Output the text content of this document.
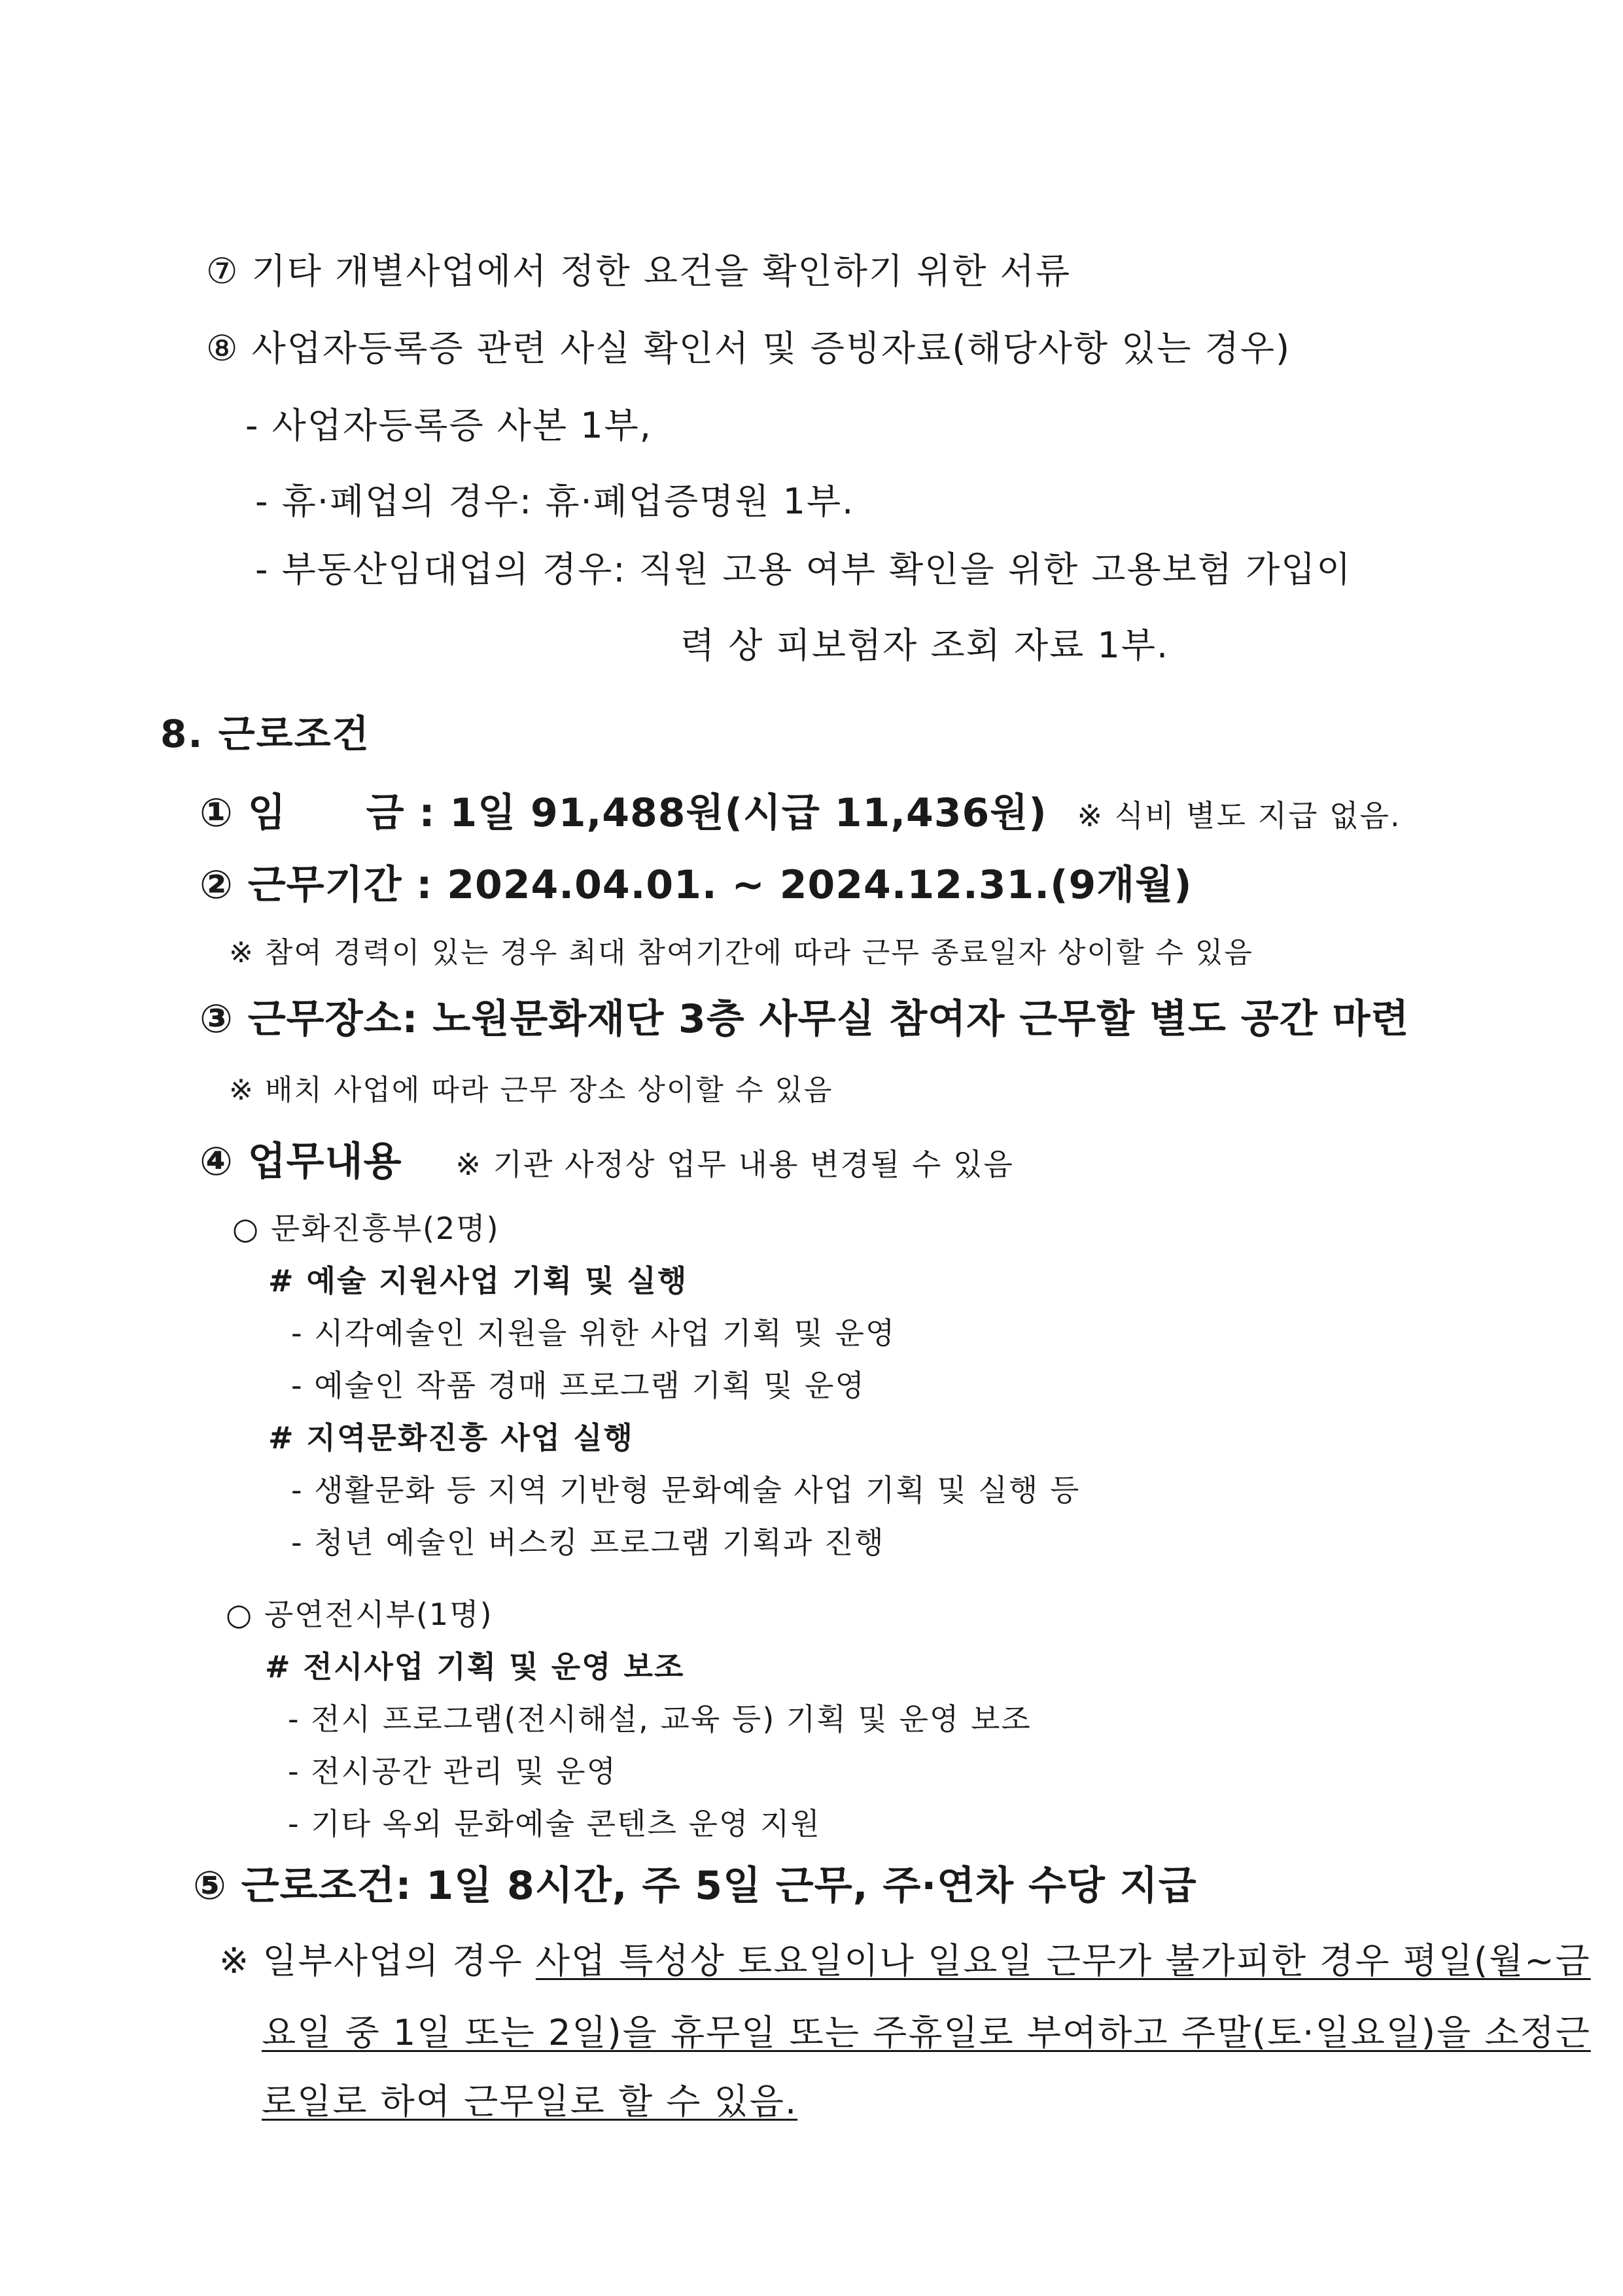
⑦ 기타 개별사업에서 정한 요건을 확인하기 위한 서류
⑧ 사업자등록증 관련 사실 확인서 및 증빙자료(해당사항 있는 경우)
- 사업자등록증 사본 1부,
- 휴·폐업의 경우: 휴·폐업증명원 1부.
- 부동산임대업의 경우: 직원 고용 여부 확인을 위한 고용보험 가입이
력 상 피보험자 조회 자료 1부.
8. 근로조건
① 임　　금 : 1일 91,488원(시급 11,436원) ※ 식비 별도 지급 없음.
② 근무기간 : 2024.04.01. ~ 2024.12.31.(9개월)
※ 참여 경력이 있는 경우 최대 참여기간에 따라 근무 종료일자 상이할 수 있음
③ 근무장소: 노원문화재단 3층 사무실 참여자 근무할 별도 공간 마련
※ 배치 사업에 따라 근무 장소 상이할 수 있음
④ 업무내용 ※ 기관 사정상 업무 내용 변경될 수 있음
○ 문화진흥부(2명)
# 예술 지원사업 기획 및 실행
- 시각예술인 지원을 위한 사업 기획 및 운영
- 예술인 작품 경매 프로그램 기획 및 운영
# 지역문화진흥 사업 실행
- 생활문화 등 지역 기반형 문화예술 사업 기획 및 실행 등
- 청년 예술인 버스킹 프로그램 기획과 진행
○ 공연전시부(1명)
# 전시사업 기획 및 운영 보조
- 전시 프로그램(전시해설, 교육 등) 기획 및 운영 보조
- 전시공간 관리 및 운영
- 기타 옥외 문화예술 콘텐츠 운영 지원
⑤ 근로조건: 1일 8시간, 주 5일 근무, 주·연차 수당 지급
※ 일부사업의 경우 사업 특성상 토요일이나 일요일 근무가 불가피한 경우 평일(월~금
요일 중 1일 또는 2일)을 휴무일 또는 주휴일로 부여하고 주말(토·일요일)을 소정근
로일로 하여 근무일로 할 수 있음.
